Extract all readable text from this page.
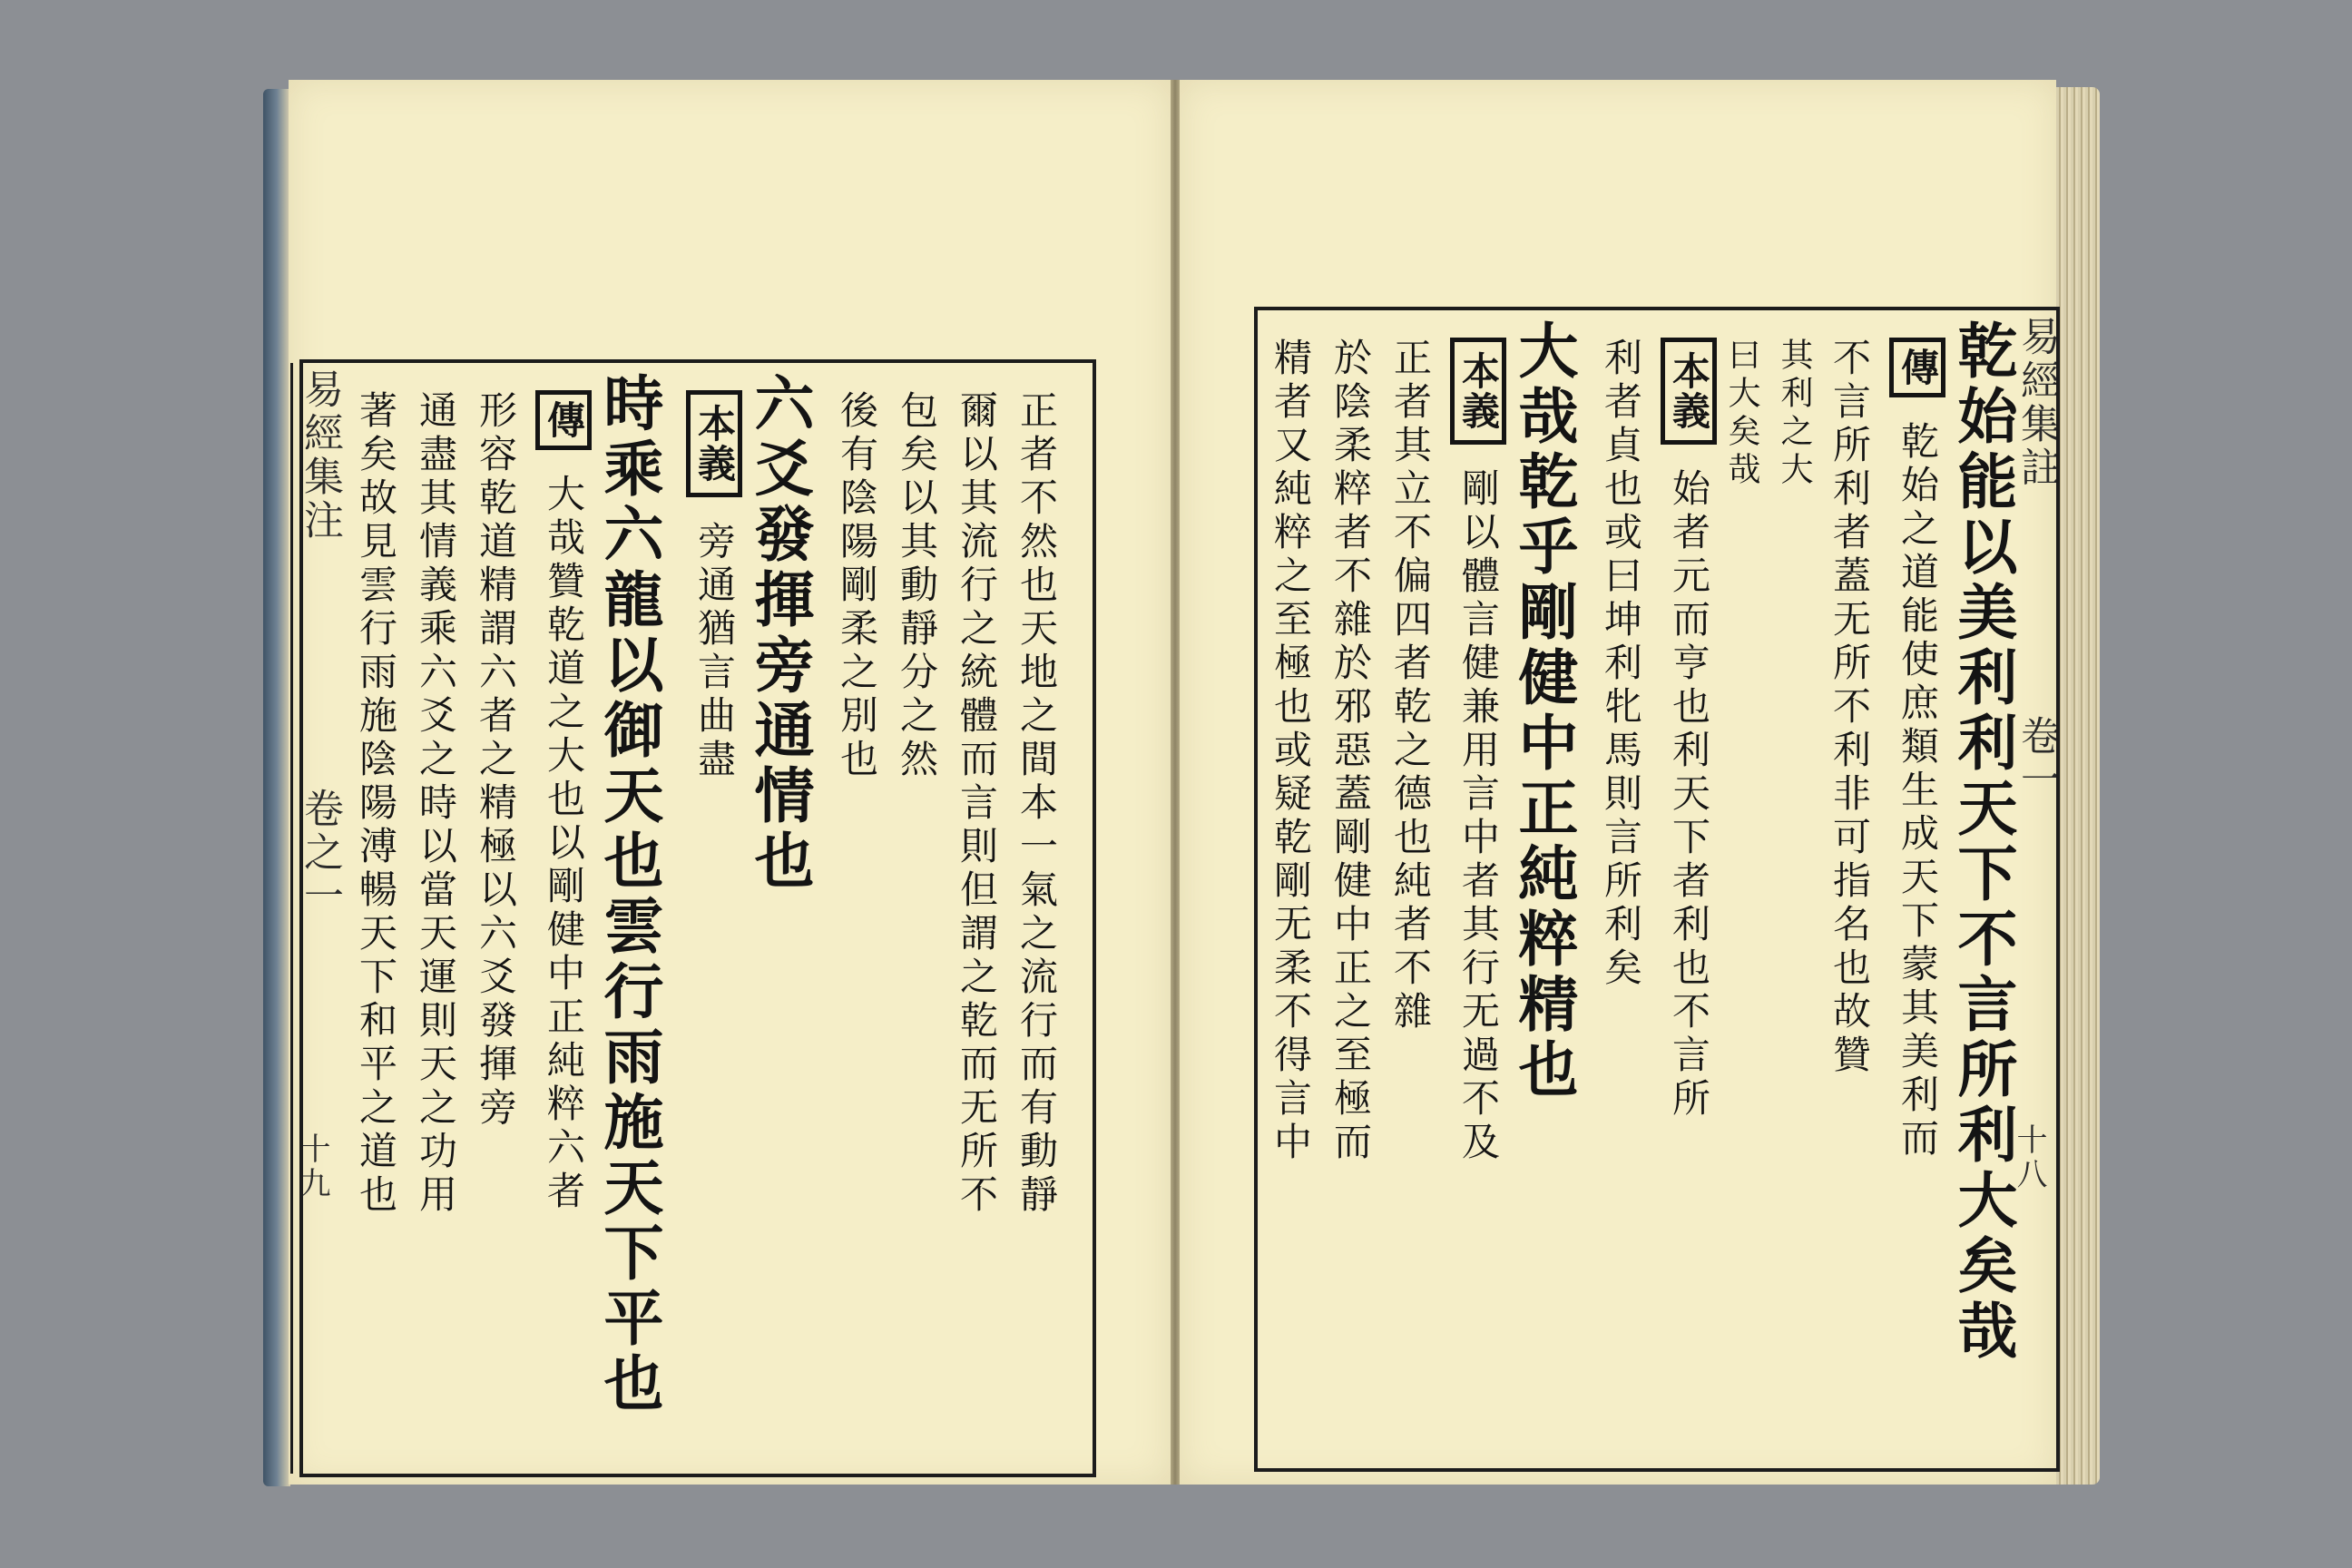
易經集注
卷之一
十九	正者不然也天地之間本一氣之流行而有動靜
爾以其流行之統體而言則但謂之乾而无所不
包矣以其動靜分之然
後有陰陽剛柔之別也
六爻發揮旁通情也
本義旁通猶言曲盡
時乘六龍以御天也雲行雨施天下平也
傳大哉贊乾道之大也以剛健中正純粹六者
形容乾道精謂六者之精極以六爻發揮旁
通盡其情義乘六爻之時以當天運則天之功用
著矣故見雲行雨施陰陽溥暢天下和平之道也	易經集註
卷一
十八
乾始能以美利利天下不言所利大矣哉
傳乾始之道能使庶類生成天下蒙其美利而
不言所利者蓋无所不利非可指名也故贊
其利之大
曰大矣哉
本義始者元而亨也利天下者利也不言所
利者貞也或曰坤利牝馬則言所利矣
大哉乾乎剛健中正純粹精也
本義剛以體言健兼用言中者其行无過不及
正者其立不偏四者乾之德也純者不雜
於陰柔粹者不雜於邪惡蓋剛健中正之至極而
精者又純粹之至極也或疑乾剛无柔不得言中
